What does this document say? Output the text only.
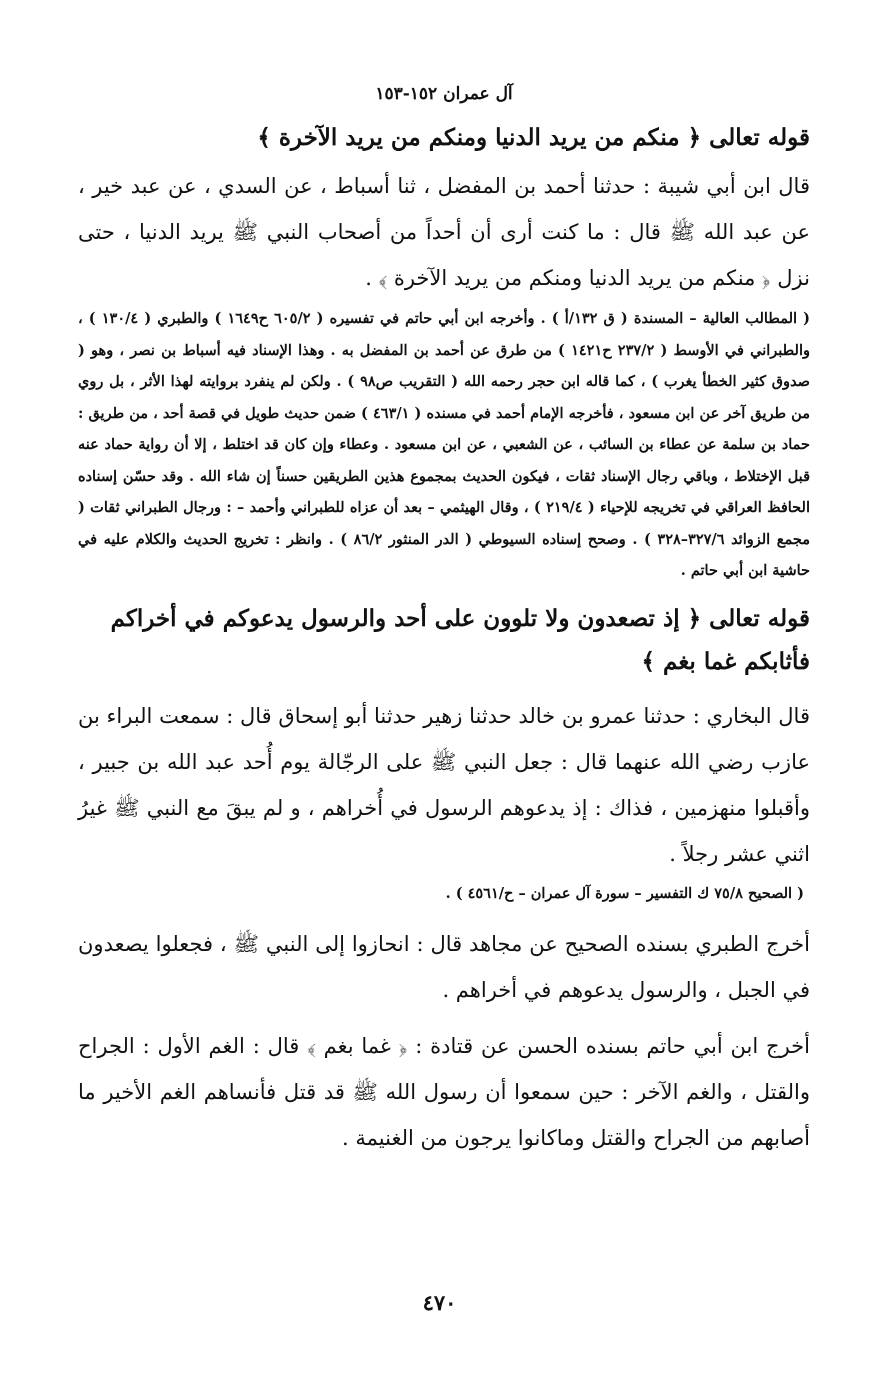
آل عمران ١٥٢-١٥٣
قوله تعالى ﴿ منكم من يريد الدنيا ومنكم من يريد الآخرة ﴾
قال ابن أبي شيبة : حدثنا أحمد بن المفضل ، ثنا أسباط ، عن السدي ، عن عبد خير ، عن عبد الله ﷺ قال : ما كنت أرى أن أحداً من أصحاب النبي ﷺ يريد الدنيا ، حتى نزل ﴿ منكم من يريد الدنيا ومنكم من يريد الآخرة ﴾ .
( المطالب العالية – المسندة ( ق ١٣٢/أ ) . وأخرجه ابن أبي حاتم في تفسيره ( ٦٠٥/٢ ح١٦٤٩ ) والطبري ( ١٣٠/٤ ) ، والطبراني في الأوسط ( ٢٣٧/٢ ح١٤٢١ ) من طرق عن أحمد بن المفضل به . وهذا الإسناد فيه أسباط بن نصر ، وهو ( صدوق كثير الخطأ يغرب ) ، كما قاله ابن حجر رحمه الله ( التقريب ص٩٨ ) . ولكن لم ينفرد بروايته لهذا الأثر ، بل روي من طريق آخر عن ابن مسعود ، فأخرجه الإمام أحمد في مسنده ( ٤٦٣/١ ) ضمن حديث طويل في قصة أحد ، من طريق : حماد بن سلمة عن عطاء بن السائب ، عن الشعبي ، عن ابن مسعود . وعطاء وإن كان قد اختلط ، إلا أن رواية حماد عنه قبل الإختلاط ، وباقي رجال الإسناد ثقات ، فيكون الحديث بمجموع هذين الطريقين حسناً إن شاء الله . وقد حسّن إسناده الحافظ العراقي في تخريجه للإحياء ( ٢١٩/٤ ) ، وقال الهيثمي – بعد أن عزاه للطبراني وأحمد – : ورجال الطبراني ثقات ( مجمع الزوائد ٣٢٧/٦–٣٢٨ ) . وصحح إسناده السيوطي ( الدر المنثور ٨٦/٢ ) . وانظر : تخريج الحديث والكلام عليه في حاشية ابن أبي حاتم .
قوله تعالى ﴿ إذ تصعدون ولا تلوون على أحد والرسول يدعوكم في أخراكم فأثابكم غما بغم ﴾
قال البخاري : حدثنا عمرو بن خالد حدثنا زهير حدثنا أبو إسحاق قال : سمعت البراء بن عازب رضي الله عنهما قال : جعل النبي ﷺ على الرجّالة يوم أُحد عبد الله بن جبير ، وأقبلوا منهزمين ، فذاك : إذ يدعوهم الرسول في أُخراهم ، و لم يبقَ مع النبي ﷺ غيرُ اثني عشر رجلاً .
( الصحيح ٧٥/٨ ك التفسير – سورة آل عمران – ح/٤٥٦١ ) .
أخرج الطبري بسنده الصحيح عن مجاهد قال : انحازوا إلى النبي ﷺ ، فجعلوا يصعدون في الجبل ، والرسول يدعوهم في أخراهم .
أخرج ابن أبي حاتم بسنده الحسن عن قتادة : ﴿ غما بغم ﴾ قال : الغم الأول : الجراح والقتل ، والغم الآخر : حين سمعوا أن رسول الله ﷺ قد قتل فأنساهم الغم الأخير ما أصابهم من الجراح والقتل وماكانوا يرجون من الغنيمة .
٤٧٠
